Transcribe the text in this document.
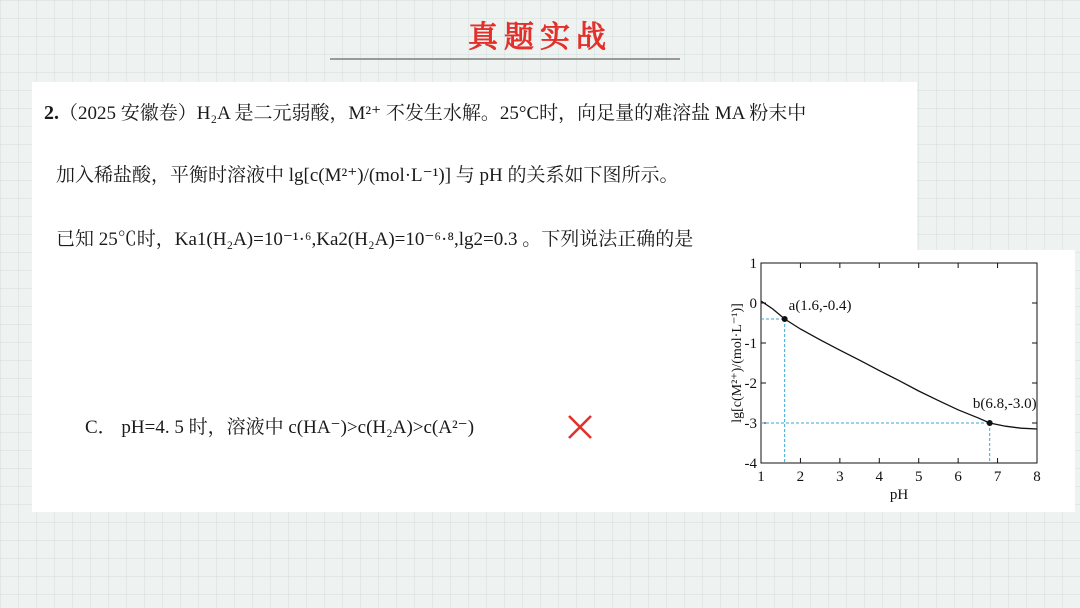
真题实战
2.（2025 安徽卷）H₂A 是二元弱酸，M²⁺ 不发生水解。25°C时，向足量的难溶盐 MA 粉末中
加入稀盐酸，平衡时溶液中 lg[c(M²⁺)/(mol·L⁻¹)] 与 pH 的关系如下图所示。
已知 25℃时，Ka1(H₂A)=10⁻¹·⁶,Ka2(H₂A)=10⁻⁶·⁸,lg2=0.3 。下列说法正确的是
C． pH=4. 5 时，溶液中 c(HA⁻)>c(H₂A)>c(A²⁻)
1 2 3 4 5 6 7 8
1
0
-1
-2
-3
-4
pH
lg[c(M²⁺)/(mol·L⁻¹)]	a(1.6,-0.4)
b(6.8,-3.0)
